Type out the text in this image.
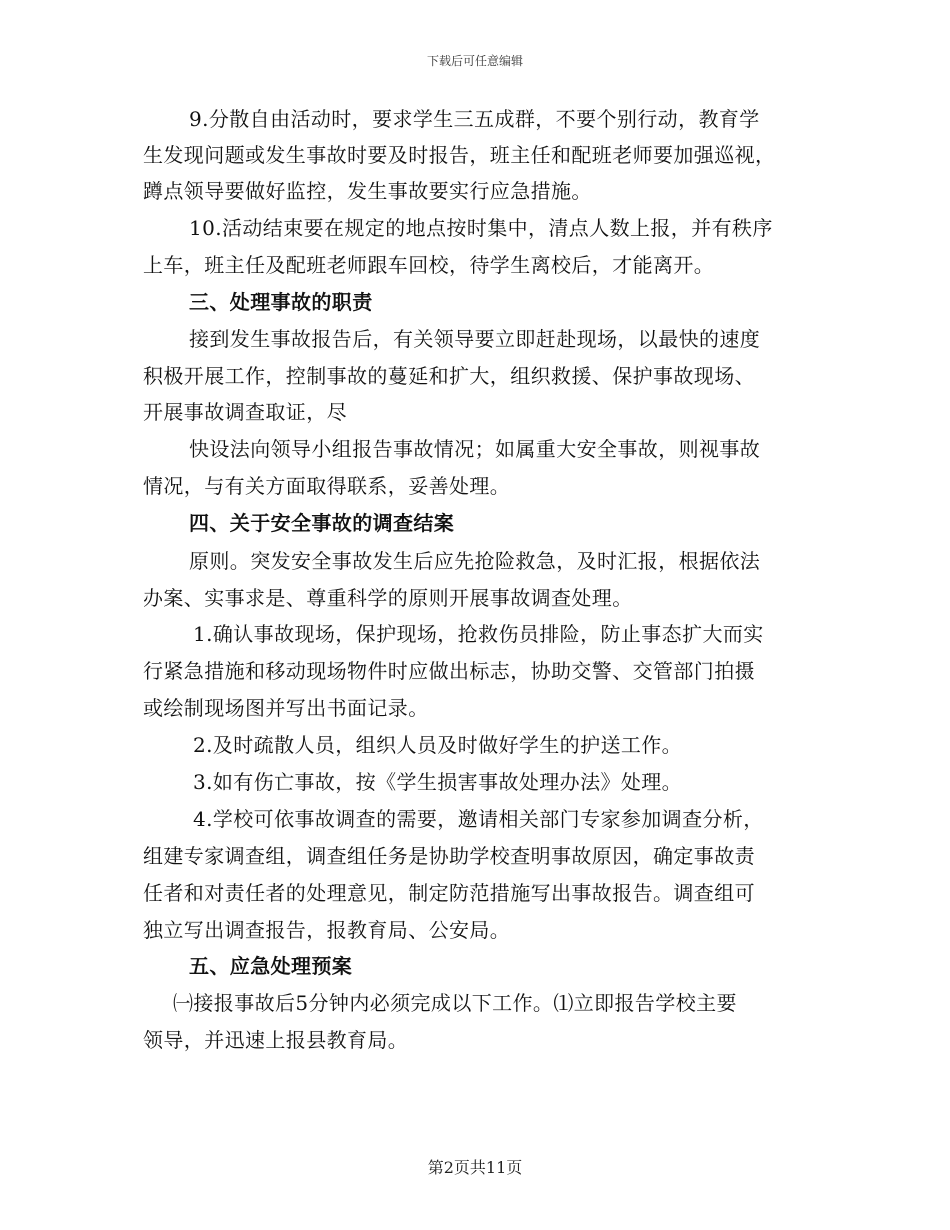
下载后可任意编辑
9.分散自由活动时，要求学生三五成群，不要个别行动，教育学
生发现问题或发生事故时要及时报告，班主任和配班老师要加强巡视，
蹲点领导要做好监控，发生事故要实行应急措施。
10.活动结束要在规定的地点按时集中，清点人数上报，并有秩序
上车，班主任及配班老师跟车回校，待学生离校后，才能离开。
三、处理事故的职责
接到发生事故报告后，有关领导要立即赶赴现场，以最快的速度
积极开展工作，控制事故的蔓延和扩大，组织救援、保护事故现场、
开展事故调查取证，尽
快设法向领导小组报告事故情况；如属重大安全事故，则视事故
情况，与有关方面取得联系，妥善处理。
四、关于安全事故的调查结案
原则。突发安全事故发生后应先抢险救急，及时汇报，根据依法
办案、实事求是、尊重科学的原则开展事故调查处理。
1.确认事故现场，保护现场，抢救伤员排险，防止事态扩大而实
行紧急措施和移动现场物件时应做出标志，协助交警、交管部门拍摄
或绘制现场图并写出书面记录。
2.及时疏散人员，组织人员及时做好学生的护送工作。
3.如有伤亡事故，按《学生损害事故处理办法》处理。
4.学校可依事故调查的需要，邀请相关部门专家参加调查分析，
组建专家调查组，调查组任务是协助学校查明事故原因，确定事故责
任者和对责任者的处理意见，制定防范措施写出事故报告。调查组可
独立写出调查报告，报教育局、公安局。
五、应急处理预案
㈠接报事故后5分钟内必须完成以下工作。⑴立即报告学校主要
领导，并迅速上报县教育局。
第2页共11页
